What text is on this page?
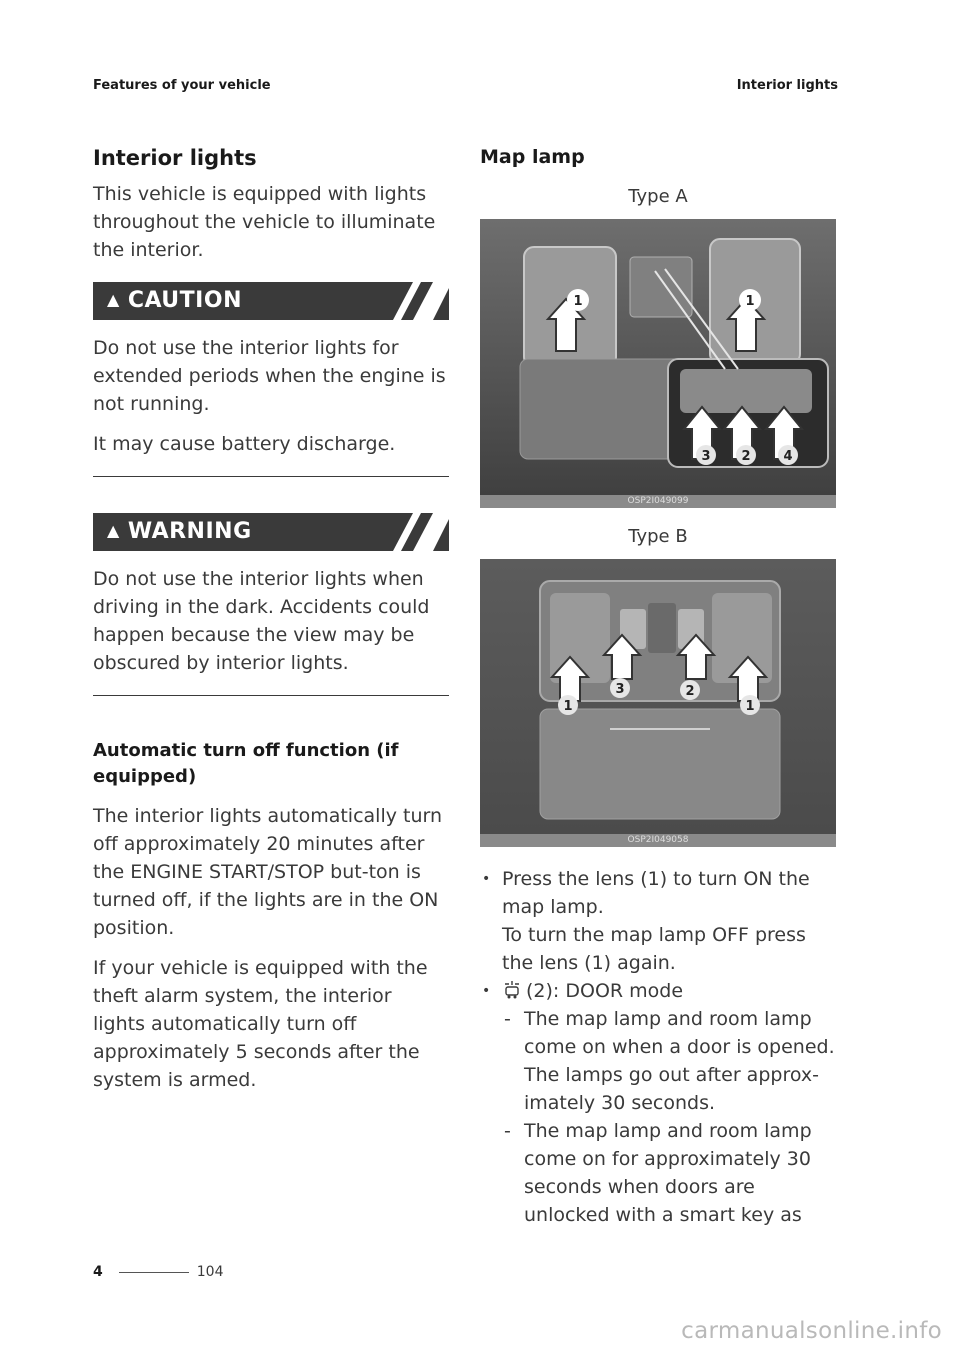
Features of your vehicle	Interior lights
Interior lights

This vehicle is equipped with lights throughout the vehicle to illuminate the interior.

▲ CAUTION

Do not use the interior lights for extended periods when the engine is not running.

It may cause battery discharge.

▲ WARNING

Do not use the interior lights when driving in the dark. Accidents could happen because the view may be obscured by interior lights.

Automatic turn off function (if equipped)

The interior lights automatically turn off approximately 20 minutes after the ENGINE START/STOP but-ton is turned off, if the lights are in the ON position.

If your vehicle is equipped with the theft alarm system, the interior lights automatically turn off approximately 5 seconds after the system is armed.

Map lamp
Type A
1	1
3 2	4
OSP2I049099
Type B
1
3	2
1
OSP2I049058
• Press the lens (1) to turn ON the map lamp.
To turn the map lamp OFF press the lens (1) again.
• (2): DOOR mode
- The map lamp and room lamp come on when a door is opened. The lamps go out after approx-imately 30 seconds.
- The map lamp and room lamp come on for approximately 30 seconds when doors are unlocked with a smart key as
4	104
carmanualsonline.info
